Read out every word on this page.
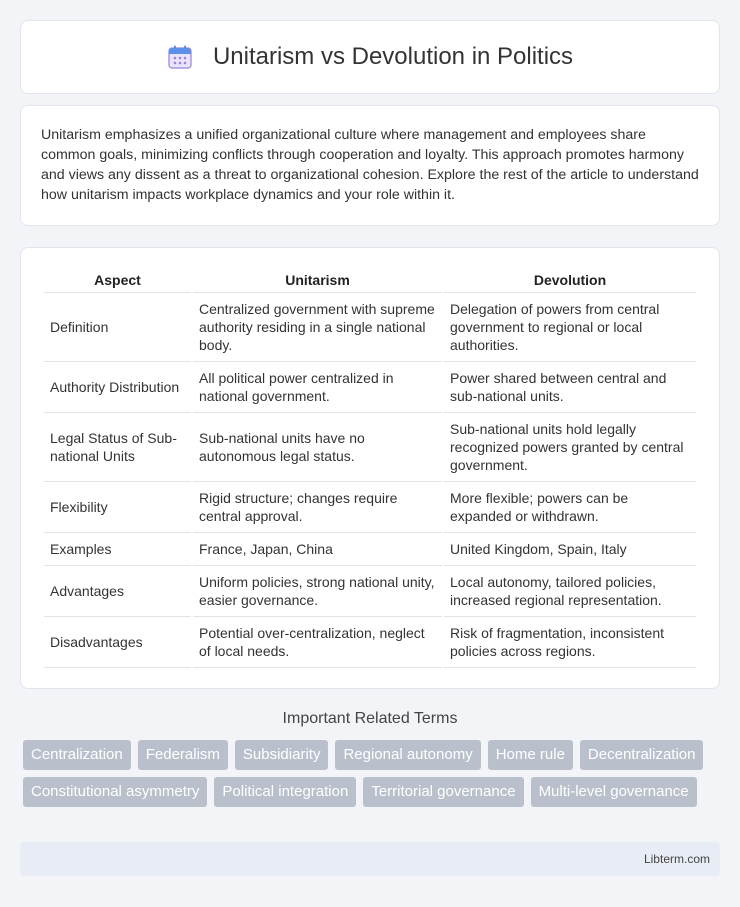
Unitarism vs Devolution in Politics

Unitarism emphasizes a unified organizational culture where management and employees share common goals, minimizing conflicts through cooperation and loyalty. This approach promotes harmony and views any dissent as a threat to organizational cohesion. Explore the rest of the article to understand how unitarism impacts workplace dynamics and your role within it.

Aspect	Unitarism	Devolution
Definition	Centralized government with supreme authority residing in a single national body.	Delegation of powers from central government to regional or local authorities.
Authority Distribution	All political power centralized in national government.	Power shared between central and sub-national units.
Legal Status of Sub-national Units	Sub-national units have no autonomous legal status.	Sub-national units hold legally recognized powers granted by central government.
Flexibility	Rigid structure; changes require central approval.	More flexible; powers can be expanded or withdrawn.
Examples	France, Japan, China	United Kingdom, Spain, Italy
Advantages	Uniform policies, strong national unity, easier governance.	Local autonomy, tailored policies, increased regional representation.
Disadvantages	Potential over-centralization, neglect of local needs.	Risk of fragmentation, inconsistent policies across regions.
Important Related Terms
Centralization	Federalism	Subsidiarity	Regional autonomy	Home rule	Decentralization
Constitutional asymmetry	Political integration	Territorial governance	Multi-level governance
Libterm.com
